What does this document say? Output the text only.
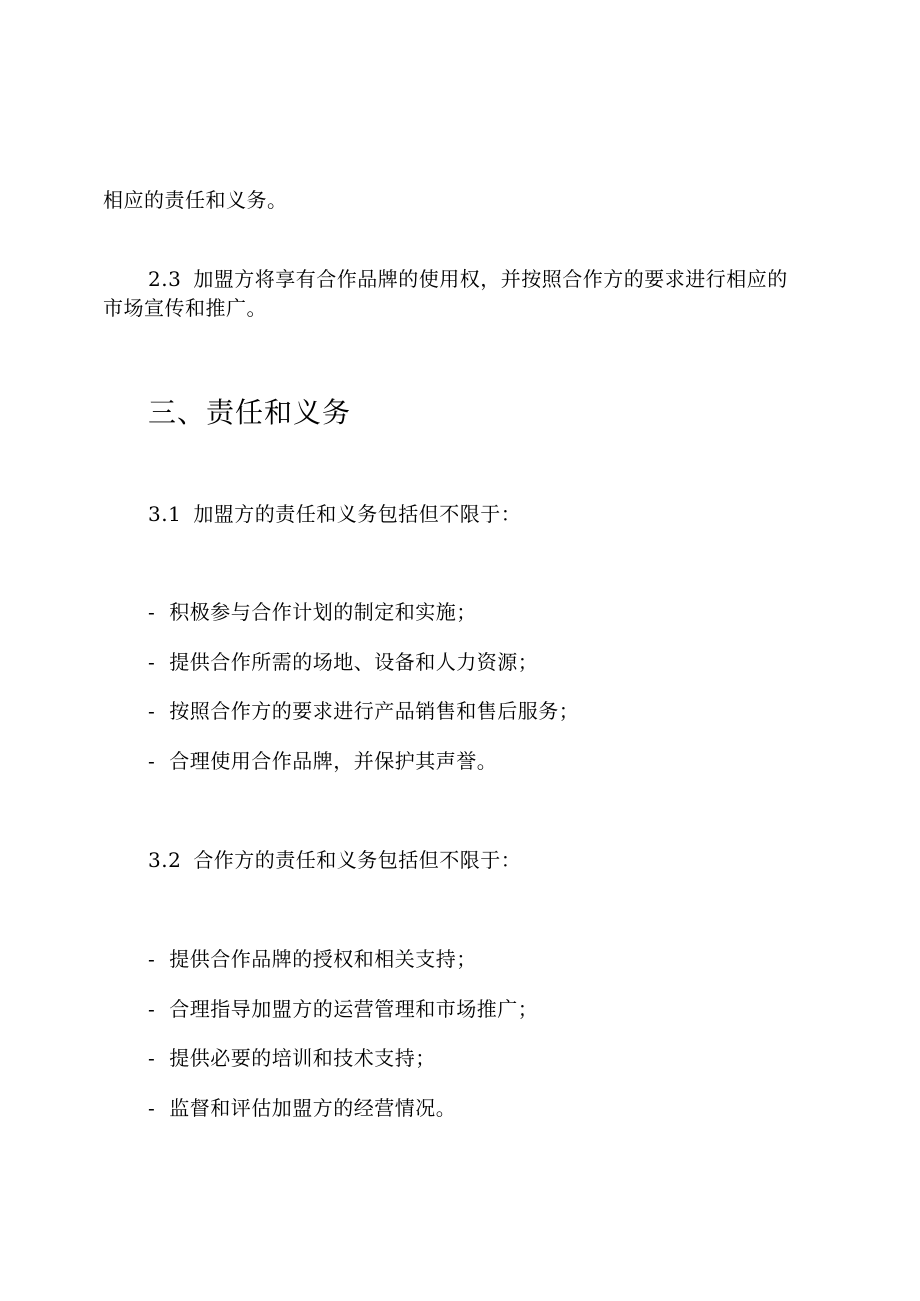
相应的责任和义务。
2.3 加盟方将享有合作品牌的使用权，并按照合作方的要求进行相应的
市场宣传和推广。
三、责任和义务
3.1 加盟方的责任和义务包括但不限于：
- 积极参与合作计划的制定和实施；
- 提供合作所需的场地、设备和人力资源；
- 按照合作方的要求进行产品销售和售后服务；
- 合理使用合作品牌，并保护其声誉。
3.2 合作方的责任和义务包括但不限于：
- 提供合作品牌的授权和相关支持；
- 合理指导加盟方的运营管理和市场推广；
- 提供必要的培训和技术支持；
- 监督和评估加盟方的经营情况。
